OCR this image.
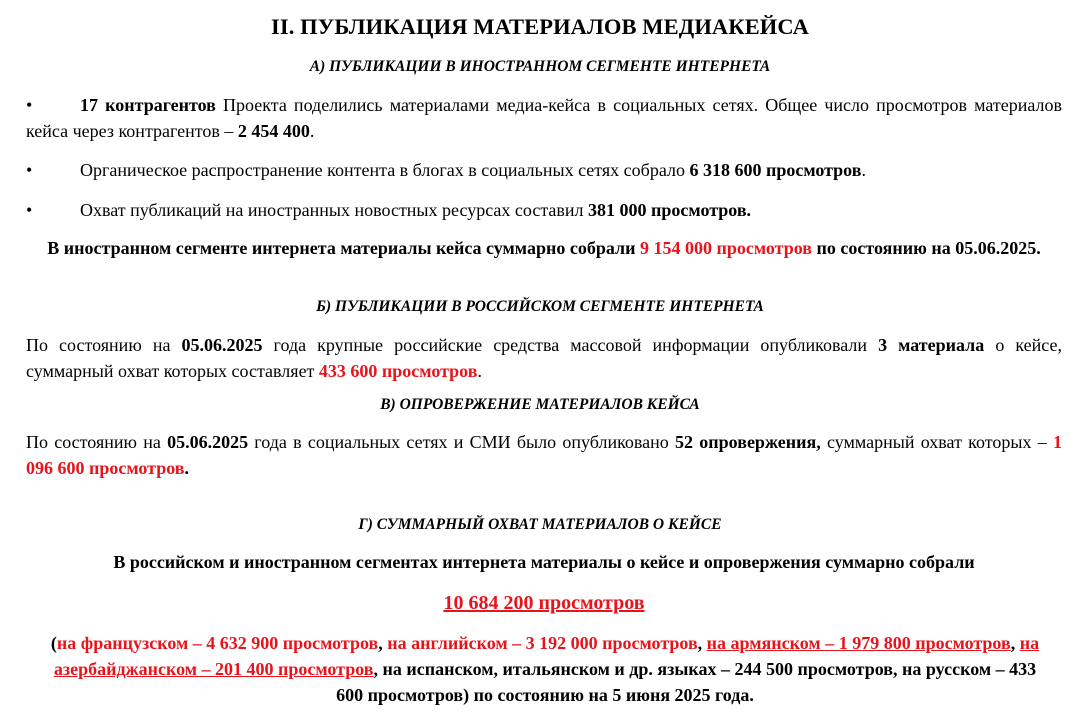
II. ПУБЛИКАЦИЯ МАТЕРИАЛОВ МЕДИАКЕЙСА
А) ПУБЛИКАЦИИ В ИНОСТРАННОМ СЕГМЕНТЕ ИНТЕРНЕТА
•	17 контрагентов Проекта поделились материалами медиа-кейса в социальных сетях. Общее число просмотров материалов кейса через контрагентов – 2 454 400.
•	Органическое распространение контента в блогах в социальных сетях собрало 6 318 600 просмотров.
•	Охват публикаций на иностранных новостных ресурсах составил 381 000 просмотров.
В иностранном сегменте интернета материалы кейса суммарно собрали 9 154 000 просмотров по состоянию на 05.06.2025.
Б) ПУБЛИКАЦИИ В РОССИЙСКОМ СЕГМЕНТЕ ИНТЕРНЕТА
По состоянию на 05.06.2025 года крупные российские средства массовой информации опубликовали 3 материала о кейсе, суммарный охват которых составляет 433 600 просмотров.
В) ОПРОВЕРЖЕНИЕ МАТЕРИАЛОВ КЕЙСА
По состоянию на 05.06.2025 года в социальных сетях и СМИ было опубликовано 52 опровержения, суммарный охват которых – 1 096 600 просмотров.
Г) СУММАРНЫЙ ОХВАТ МАТЕРИАЛОВ О КЕЙСЕ
В российском и иностранном сегментах интернета материалы о кейсе и опровержения суммарно собрали
10 684 200 просмотров
(на французском – 4 632 900 просмотров, на английском – 3 192 000 просмотров, на армянском – 1 979 800 просмотров, на азербайджанском – 201 400 просмотров, на испанском, итальянском и др. языках – 244 500 просмотров, на русском – 433 600 просмотров) по состоянию на 5 июня 2025 года.
